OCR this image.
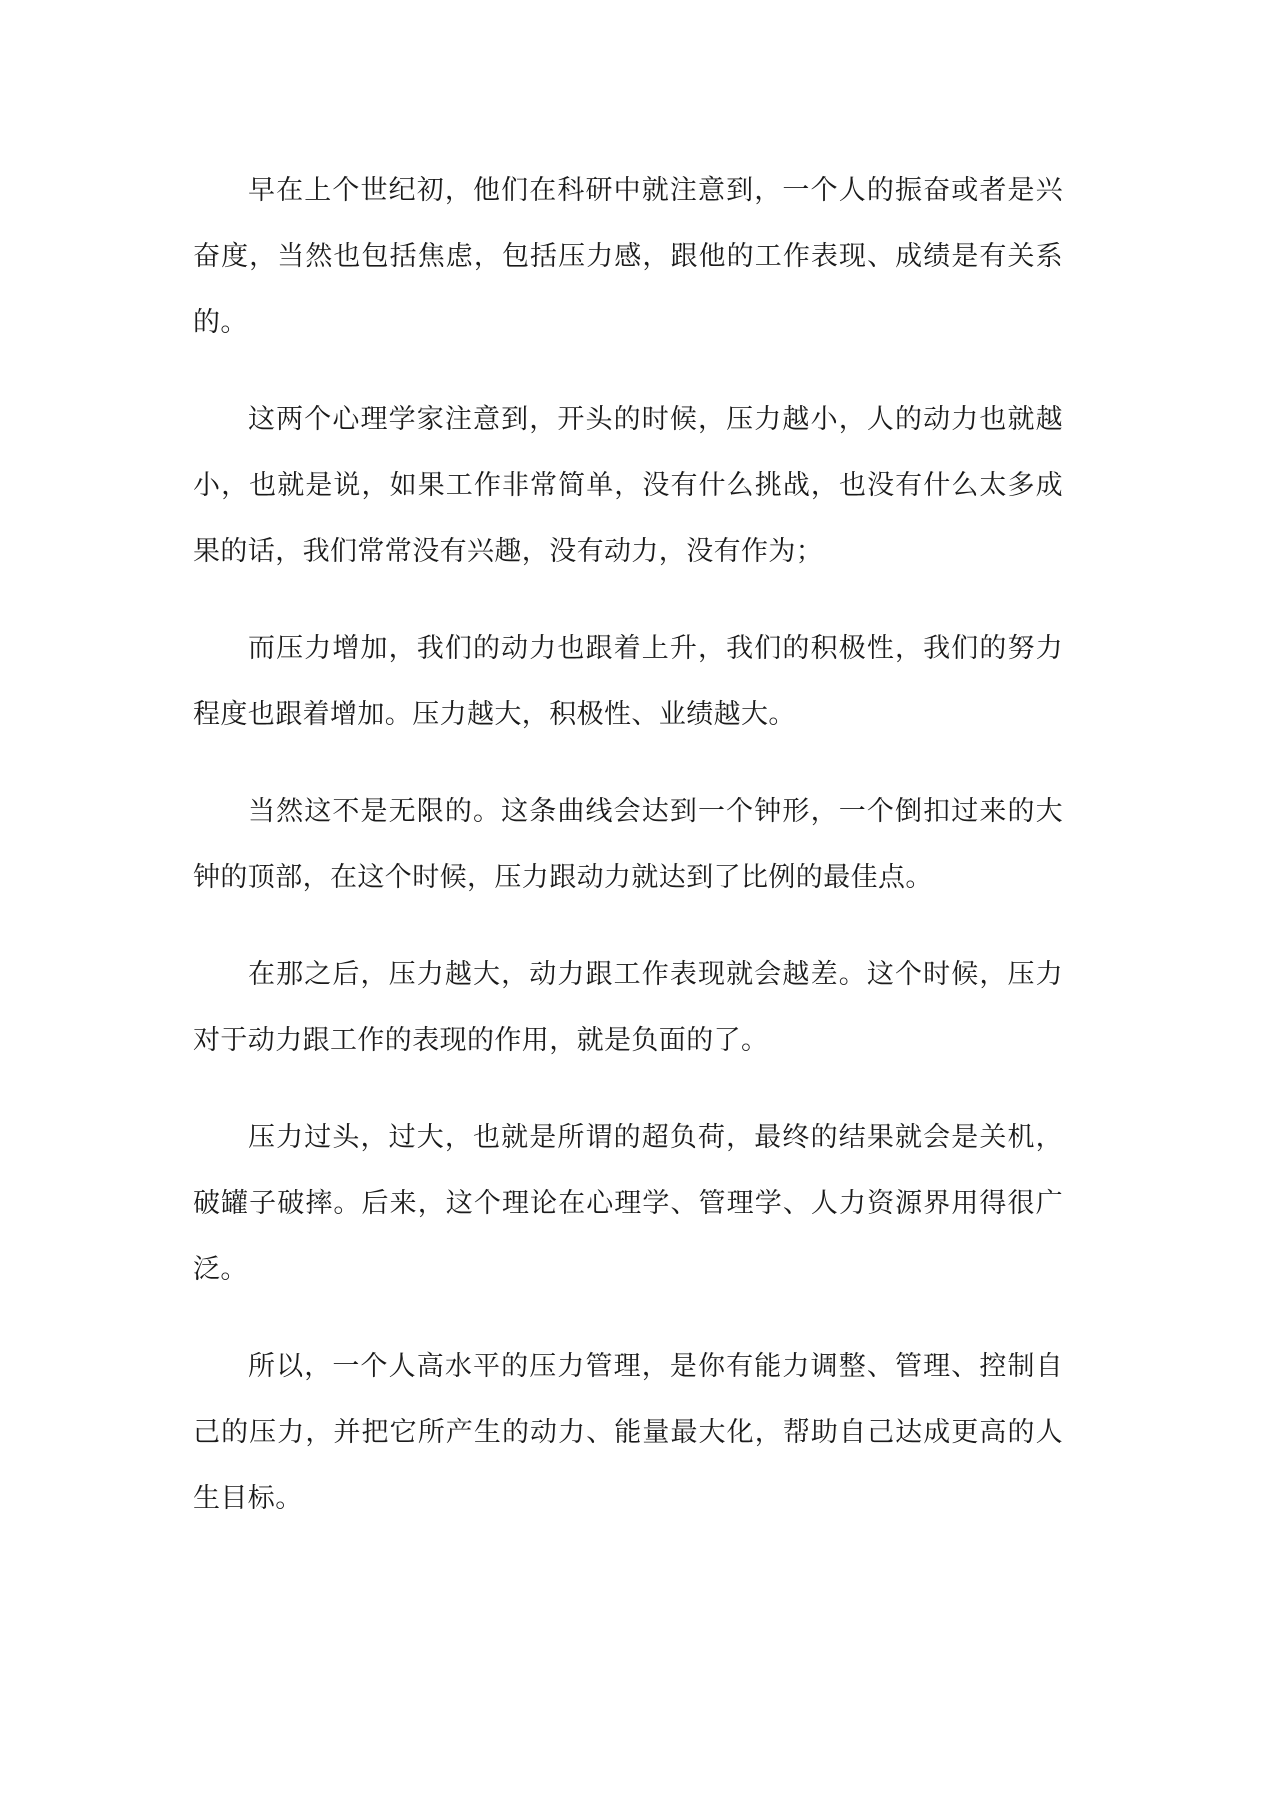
早在上个世纪初，他们在科研中就注意到，一个人的振奋或者是兴奋度，当然也包括焦虑，包括压力感，跟他的工作表现、成绩是有关系的。

这两个心理学家注意到，开头的时候，压力越小，人的动力也就越小，也就是说，如果工作非常简单，没有什么挑战，也没有什么太多成果的话，我们常常没有兴趣，没有动力，没有作为；

而压力增加，我们的动力也跟着上升，我们的积极性，我们的努力程度也跟着增加。压力越大，积极性、业绩越大。

当然这不是无限的。这条曲线会达到一个钟形，一个倒扣过来的大钟的顶部，在这个时候，压力跟动力就达到了比例的最佳点。

在那之后，压力越大，动力跟工作表现就会越差。这个时候，压力对于动力跟工作的表现的作用，就是负面的了。

压力过头，过大，也就是所谓的超负荷，最终的结果就会是关机，破罐子破摔。后来，这个理论在心理学、管理学、人力资源界用得很广泛。

所以，一个人高水平的压力管理，是你有能力调整、管理、控制自己的压力，并把它所产生的动力、能量最大化，帮助自己达成更高的人生目标。
